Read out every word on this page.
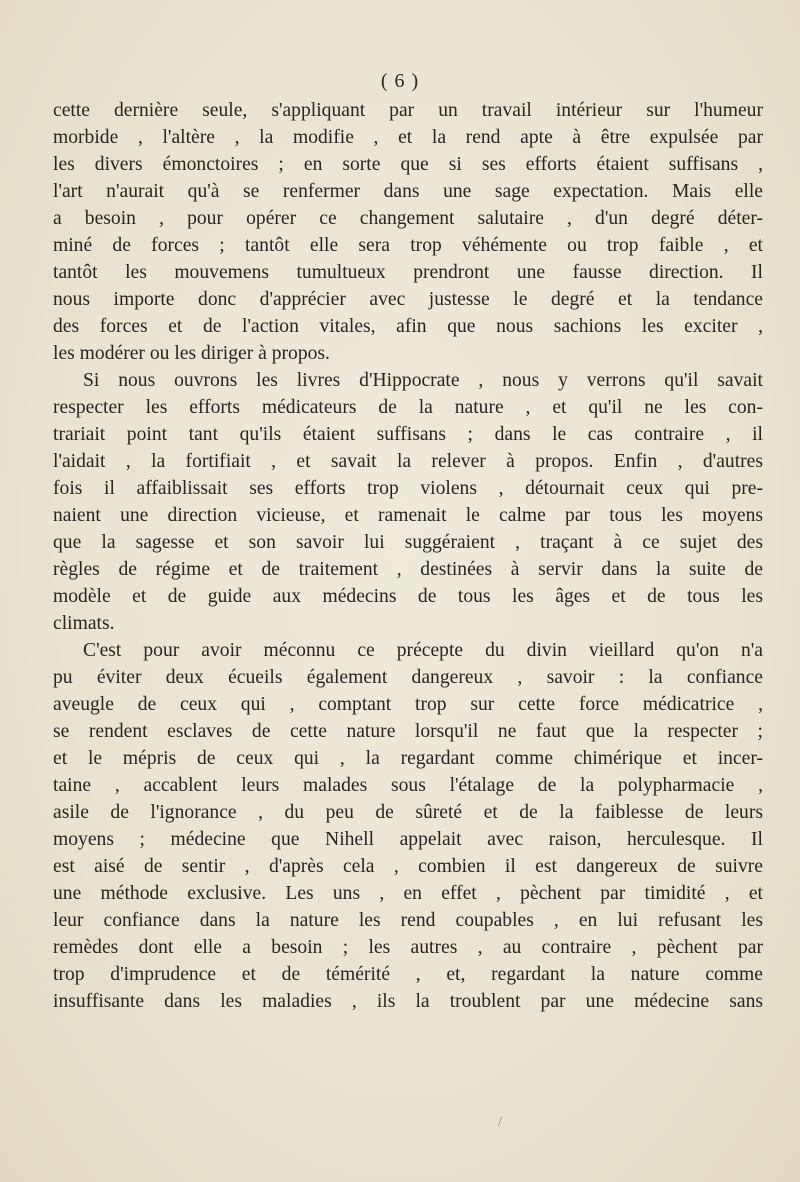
( 6 )
cette dernière seule, s'appliquant par un travail intérieur sur l'humeur
morbide , l'altère , la modifie , et la rend apte à être expulsée par
les divers émonctoires ; en sorte que si ses efforts étaient suffisans ,
l'art n'aurait qu'à se renfermer dans une sage expectation. Mais elle
a besoin , pour opérer ce changement salutaire , d'un degré déter-
miné de forces ; tantôt elle sera trop véhémente ou trop faible , et
tantôt les mouvemens tumultueux prendront une fausse direction. Il
nous importe donc d'apprécier avec justesse le degré et la tendance
des forces et de l'action vitales, afin que nous sachions les exciter ,
les modérer ou les diriger à propos.
Si nous ouvrons les livres d'Hippocrate , nous y verrons qu'il savait
respecter les efforts médicateurs de la nature , et qu'il ne les con-
trariait point tant qu'ils étaient suffisans ; dans le cas contraire , il
l'aidait , la fortifiait , et savait la relever à propos. Enfin , d'autres
fois il affaiblissait ses efforts trop violens , détournait ceux qui pre-
naient une direction vicieuse, et ramenait le calme par tous les moyens
que la sagesse et son savoir lui suggéraient , traçant à ce sujet des
règles de régime et de traitement , destinées à servir dans la suite de
modèle et de guide aux médecins de tous les âges et de tous les
climats.
C'est pour avoir méconnu ce précepte du divin vieillard qu'on n'a
pu éviter deux écueils également dangereux , savoir : la confiance
aveugle de ceux qui , comptant trop sur cette force médicatrice ,
se rendent esclaves de cette nature lorsqu'il ne faut que la respecter ;
et le mépris de ceux qui , la regardant comme chimérique et incer-
taine , accablent leurs malades sous l'étalage de la polypharmacie ,
asile de l'ignorance , du peu de sûreté et de la faiblesse de leurs
moyens ; médecine que Nihell appelait avec raison, herculesque. Il
est aisé de sentir , d'après cela , combien il est dangereux de suivre
une méthode exclusive. Les uns , en effet , pèchent par timidité , et
leur confiance dans la nature les rend coupables , en lui refusant les
remèdes dont elle a besoin ; les autres , au contraire , pèchent par
trop d'imprudence et de témérité , et, regardant la nature comme
insuffisante dans les maladies , ils la troublent par une médecine sans
/
